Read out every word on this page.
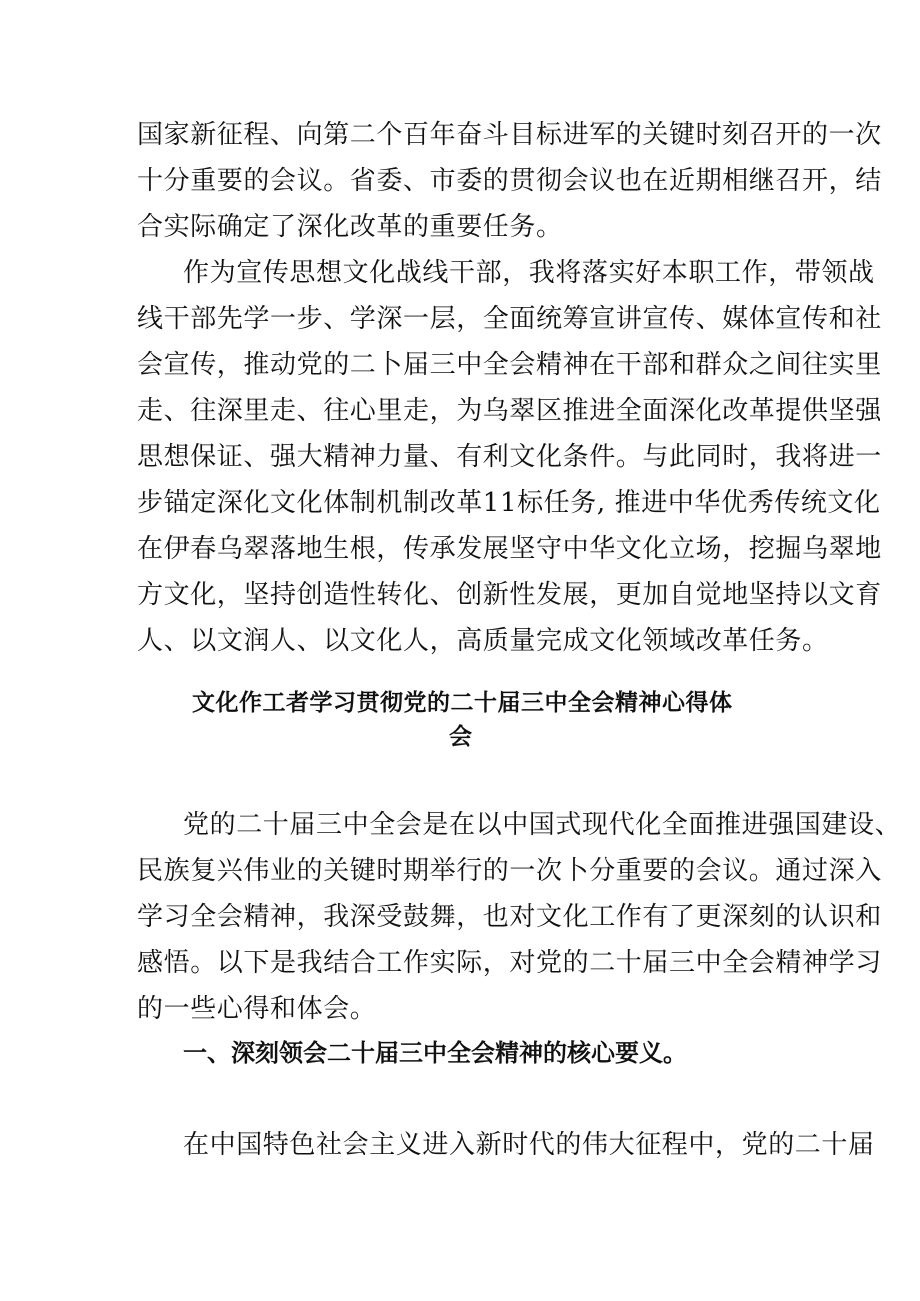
国家新征程、向第二个百年奋斗目标进军的关键时刻召开的一次
十分重要的会议。省委、市委的贯彻会议也在近期相继召开，结
合实际确定了深化改革的重要任务。
作为宣传思想文化战线干部，我将落实好本职工作，带领战
线干部先学一步、学深一层，全面统筹宣讲宣传、媒体宣传和社
会宣传，推动党的二卜届三中全会精神在干部和群众之间往实里
走、往深里走、往心里走，为乌翠区推进全面深化改革提供坚强
思想保证、强大精神力量、有利文化条件。与此同时，我将进一
步锚定深化文化体制机制改革11标任务, 推进中华优秀传统文化
在伊春乌翠落地生根，传承发展坚守中华文化立场，挖掘乌翠地
方文化，坚持创造性转化、创新性发展，更加自觉地坚持以文育
人、以文润人、以文化人，高质量完成文化领域改革任务。
文化作工者学习贯彻党的二十届三中全会精神心得体
会
党的二十届三中全会是在以中国式现代化全面推进强国建设、
民族复兴伟业的关键时期举行的一次卜分重要的会议。通过深入
学习全会精神，我深受鼓舞，也对文化工作有了更深刻的认识和
感悟。以下是我结合工作实际，对党的二十届三中全会精神学习
的一些心得和体会。
一、深刻领会二十届三中全会精神的核心要义。
在中国特色社会主义进入新时代的伟大征程中，党的二十届
